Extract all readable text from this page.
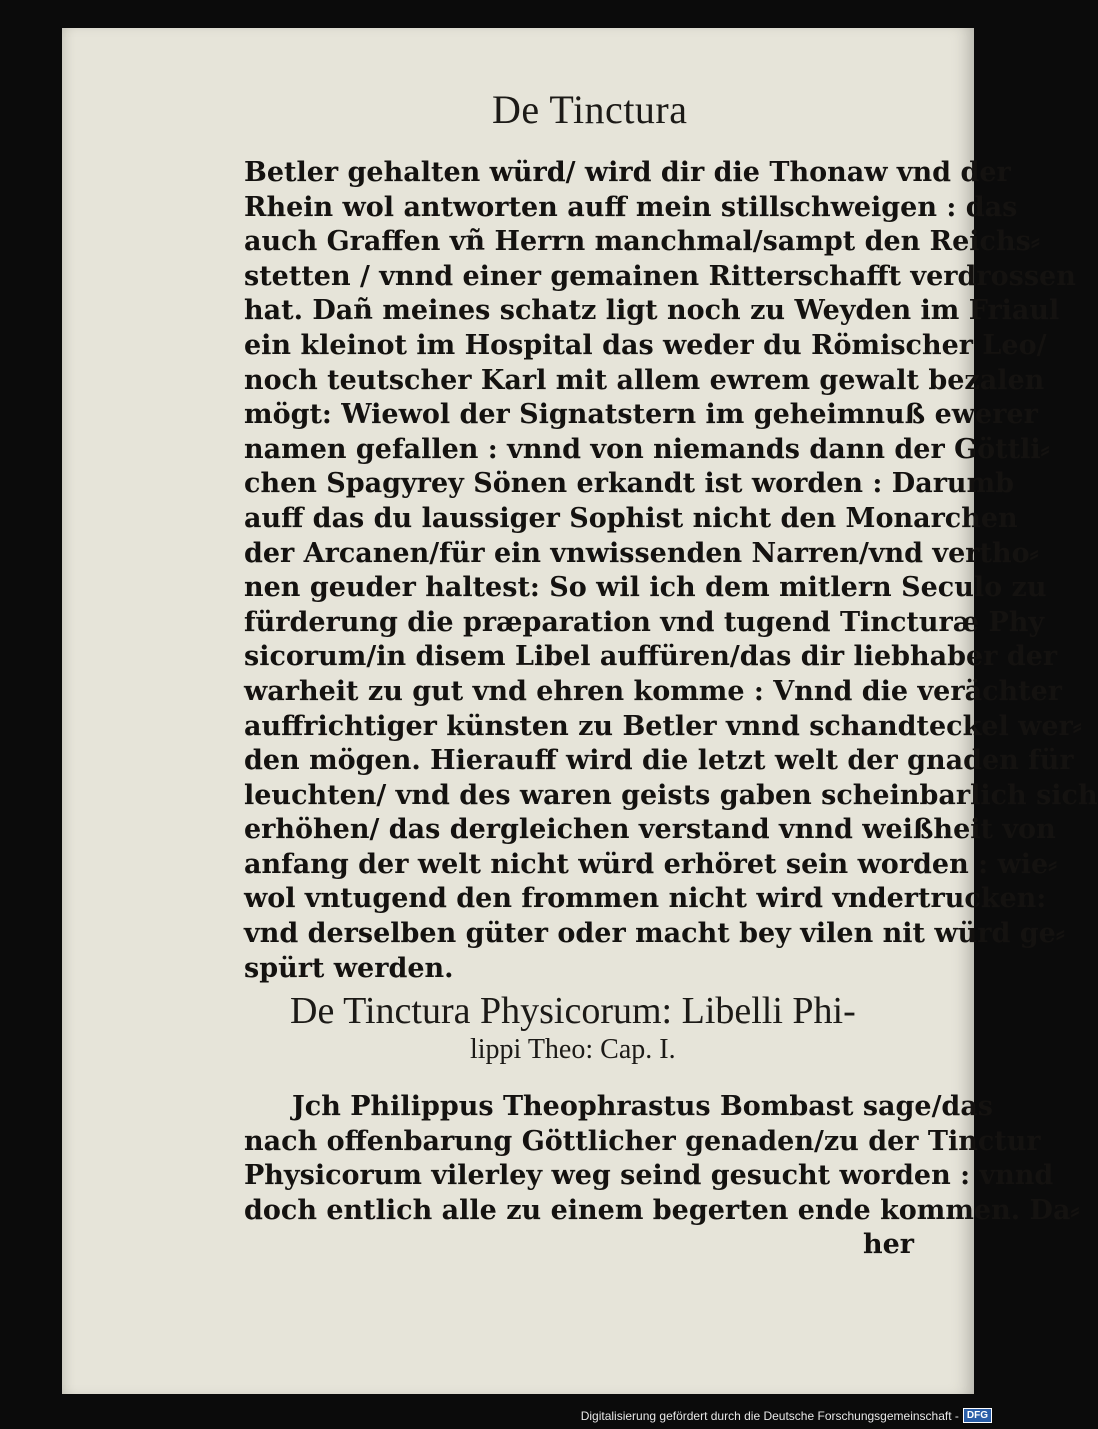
De Tinctura
Betler gehalten würd/ wird dir die Thonaw vnd der
Rhein wol antworten auff mein stillschweigen : das
auch Graffen vñ Herrn manchmal/sampt den Reichs⸗
stetten / vnnd einer gemainen Ritterschafft verdrossen
hat. Dañ meines schatz ligt noch zu Weyden im Friaul
ein kleinot im Hospital das weder du Römischer Leo/
noch teutscher Karl mit allem ewrem gewalt bezalen
mögt: Wiewol der Signatstern im geheimnuß ewerer
namen gefallen : vnnd von niemands dann der Göttli⸗
chen Spagyrey Sönen erkandt ist worden : Darumb
auff das du laussiger Sophist nicht den Monarchen
der Arcanen/für ein vnwissenden Narren/vnd vertho⸗
nen geuder haltest: So wil ich dem mitlern Seculo zu
fürderung die præparation vnd tugend Tincturæ Phy
sicorum/in disem Libel auffüren/das dir liebhaber der
warheit zu gut vnd ehren komme : Vnnd die verächter
auffrichtiger künsten zu Betler vnnd schandteckel wer⸗
den mögen. Hierauff wird die letzt welt der gnaden für
leuchten/ vnd des waren geists gaben scheinbarlich sich
erhöhen/ das dergleichen verstand vnnd weißheit von
anfang der welt nicht würd erhöret sein worden : wie⸗
wol vntugend den frommen nicht wird vndertrucken:
vnd derselben güter oder macht bey vilen nit würd ge⸗
spürt werden.
De Tinctura Physicorum: Libelli Phi-
lippi Theo: Cap. I.
Jch Philippus Theophrastus Bombast sage/das
nach offenbarung Göttlicher genaden/zu der Tinctur
Physicorum vilerley weg seind gesucht worden : vnnd
doch entlich alle zu einem begerten ende kommen. Da⸗
her
Digitalisierung gefördert durch die Deutsche Forschungsgemeinschaft - DFG
